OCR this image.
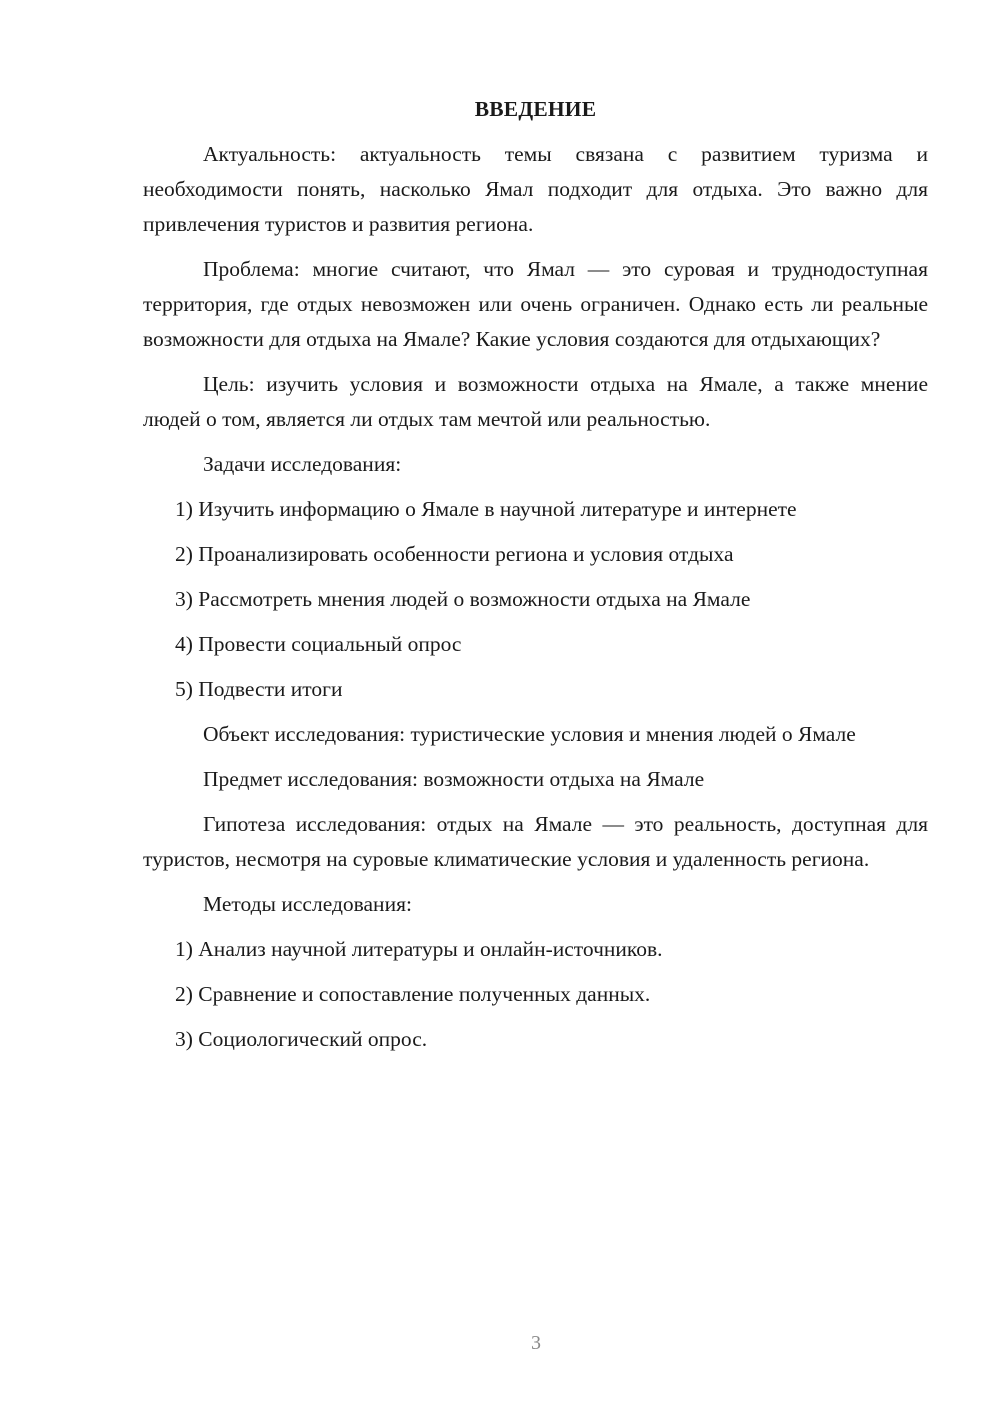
ВВЕДЕНИЕ

Актуальность: актуальность темы связана с развитием туризма и необходимости понять, насколько Ямал подходит для отдыха. Это важно для привлечения туристов и развития региона.

Проблема: многие считают, что Ямал — это суровая и труднодоступная территория, где отдых невозможен или очень ограничен. Однако есть ли реальные возможности для отдыха на Ямале? Какие условия создаются для отдыхающих?

Цель: изучить условия и возможности отдыха на Ямале, а также мнение людей о том, является ли отдых там мечтой или реальностью.

Задачи исследования:

1) Изучить информацию о Ямале в научной литературе и интернете

2) Проанализировать особенности региона и условия отдыха

3) Рассмотреть мнения людей о возможности отдыха на Ямале

4) Провести социальный опрос

5) Подвести итоги

Объект исследования: туристические условия и мнения людей о Ямале

Предмет исследования: возможности отдыха на Ямале

Гипотеза исследования: отдых на Ямале — это реальность, доступная для туристов, несмотря на суровые климатические условия и удаленность региона.

Методы исследования:

1) Анализ научной литературы и онлайн-источников.

2) Сравнение и сопоставление полученных данных.

3) Социологический опрос.

3
